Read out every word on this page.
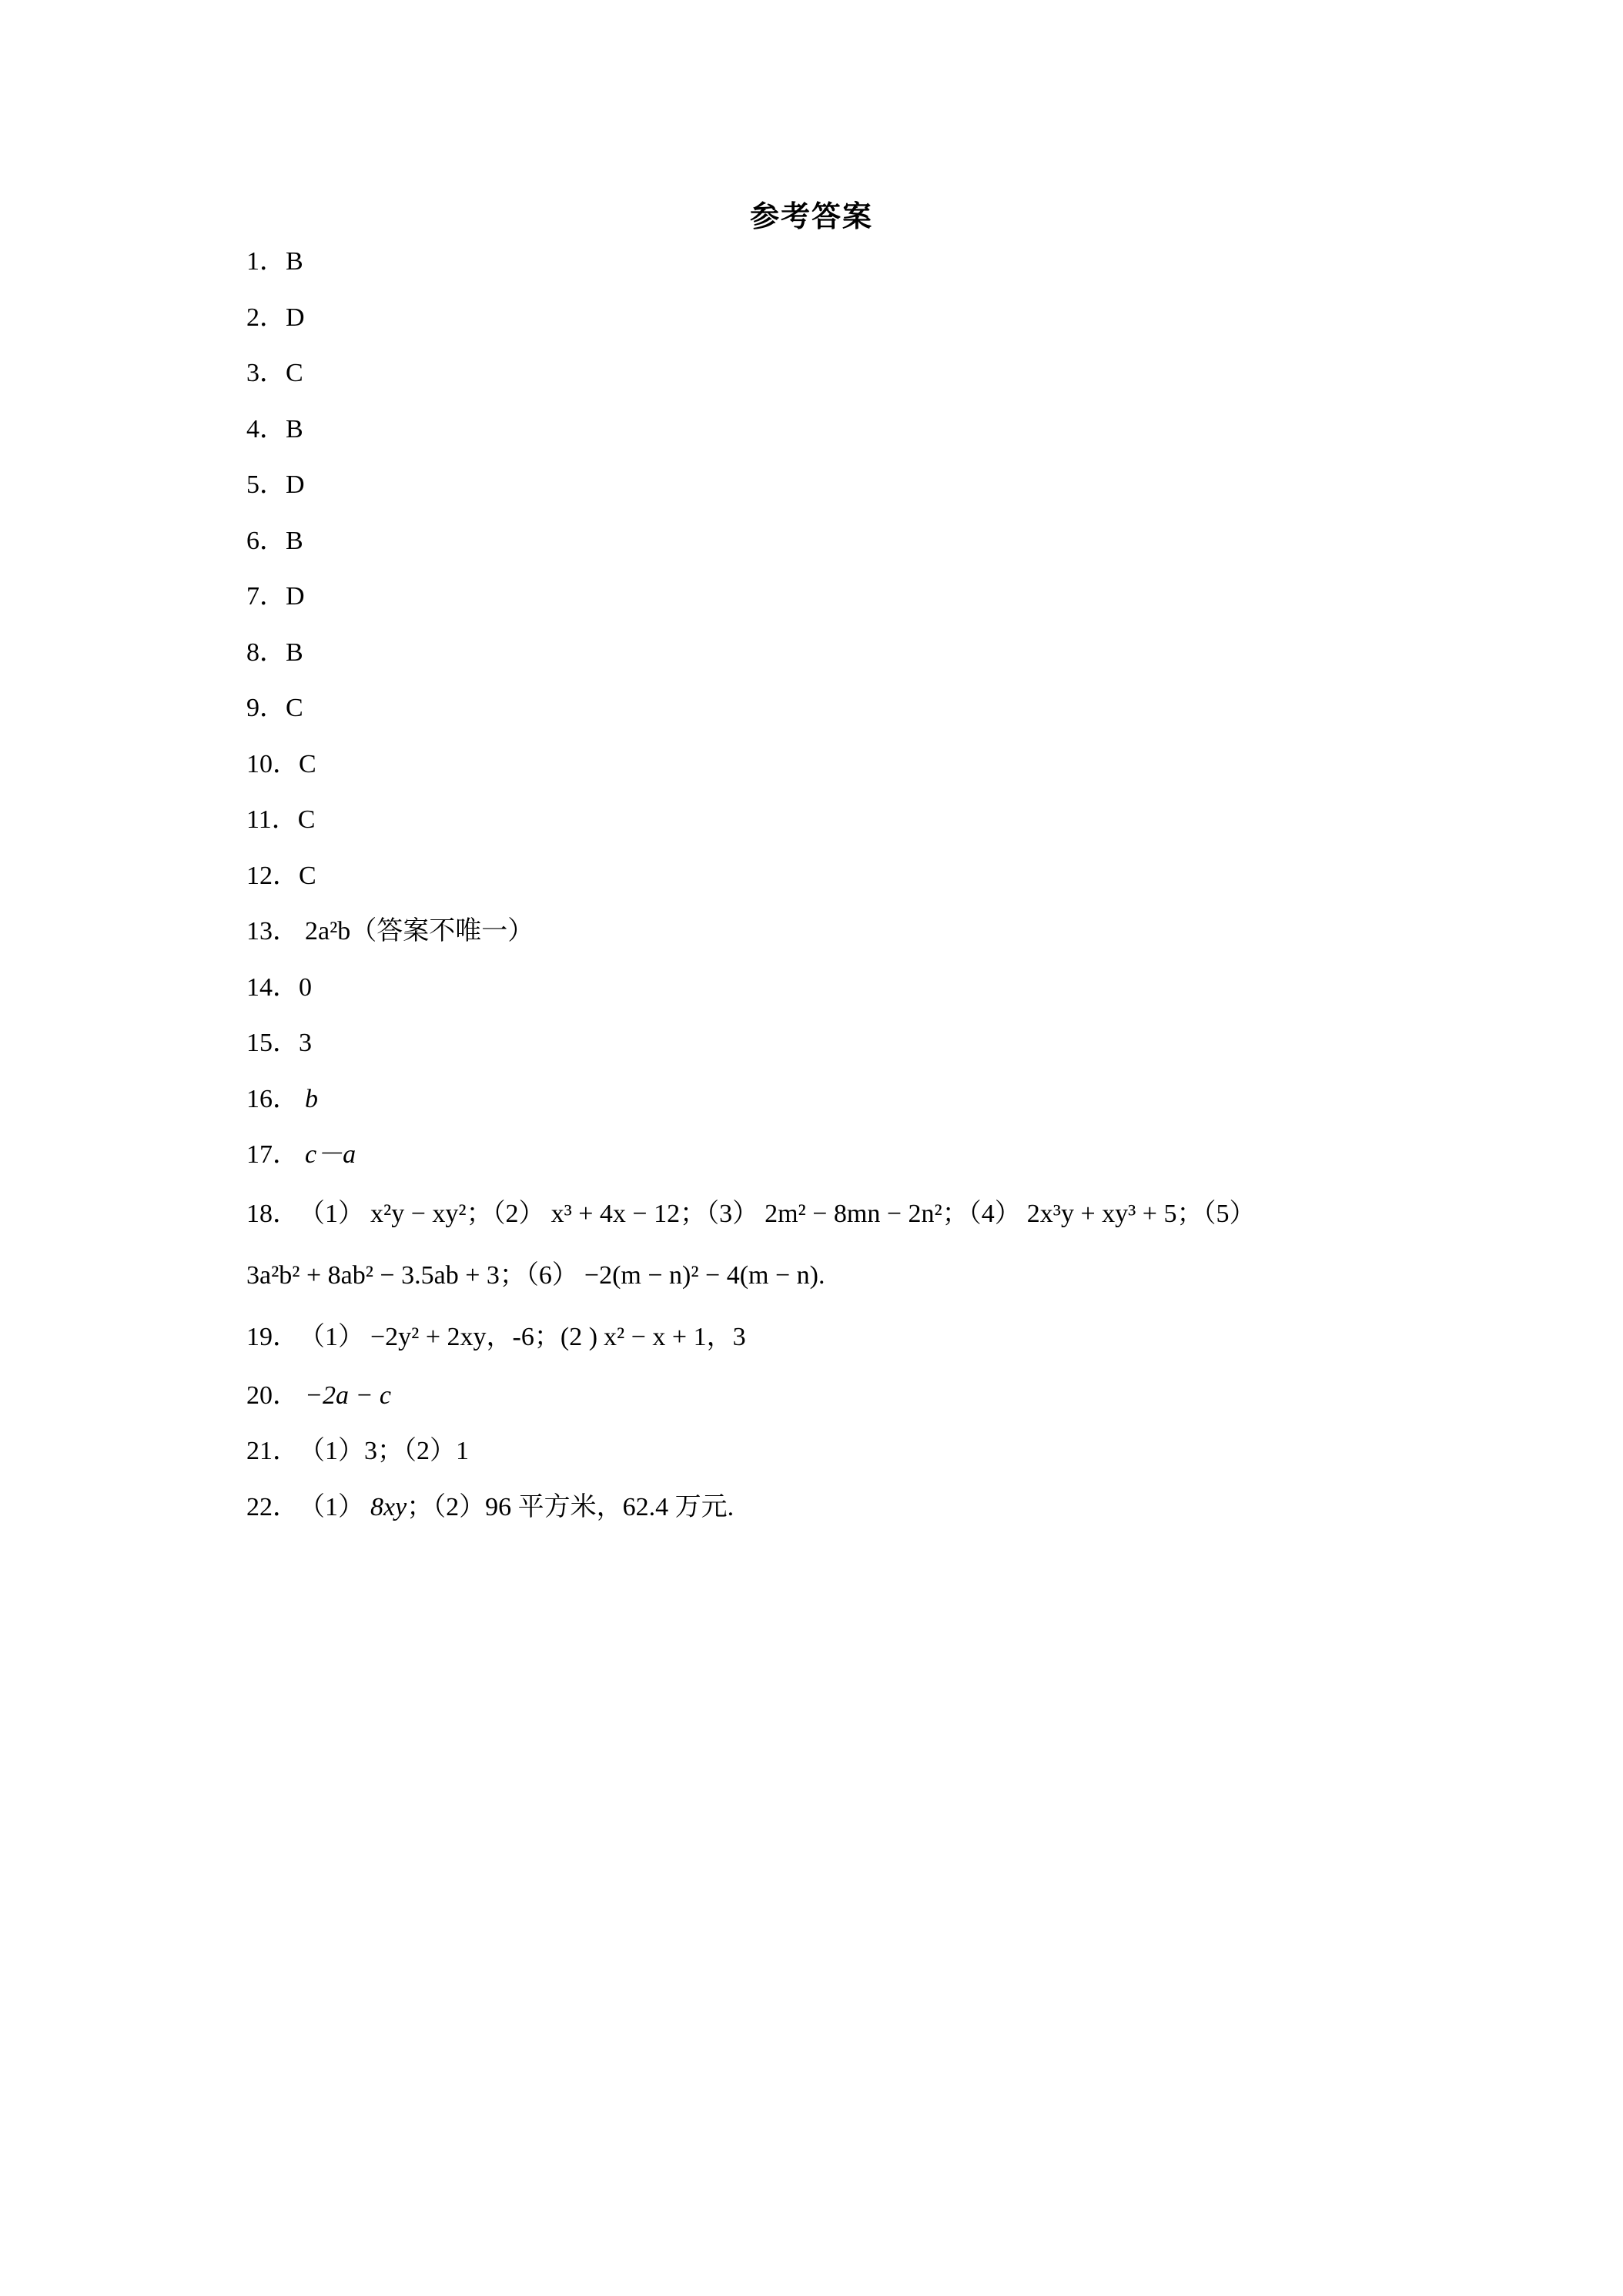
参考答案
1．B
2．D
3．C
4．B
5．D
6．B
7．D
8．B
9．C
10．C
11．C
12．C
13． 2a²b（答案不唯一）
14．0
15．3
16． b
17． c－a
18．（1） x²y − xy²；（2） x³ + 4x − 12；（3） 2m² − 8mn − 2n²；（4） 2x³y + xy³ + 5；（5）
3a²b² + 8ab² − 3.5ab + 3；（6） −2(m − n)² − 4(m − n).
19．（1） −2y² + 2xy，-6；(2 ) x² − x + 1，3
20． −2a − c
21．（1）3；（2）1
22．（1） 8xy；（2）96 平方米，62.4 万元.
